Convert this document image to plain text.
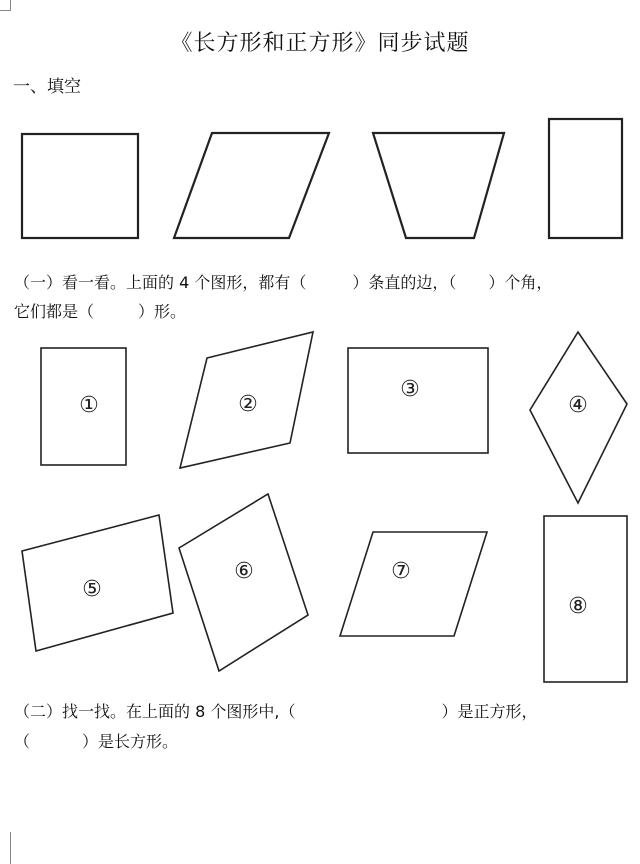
《长方形和正方形》同步试题
一、填空
①	②
③
④
⑤
⑥	⑦
⑧
（一）看一看。上面的 4 个图形，都有（	）条直的边，（ ）个角，
它们都是（	）形。
（二）找一找。在上面的 8 个图形中,（	）是正方形，
（	）是长方形。
